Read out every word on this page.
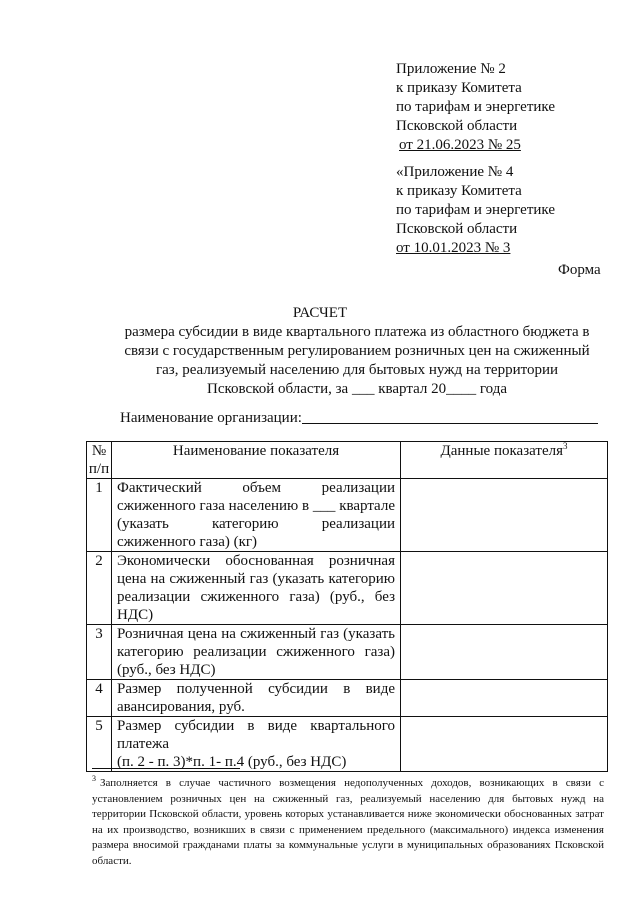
Приложение № 2
к приказу Комитета
по тарифам и энергетике
Псковской области
от 21.06.2023 № 25
«Приложение № 4
к приказу Комитета
по тарифам и энергетике
Псковской области
от 10.01.2023 № 3
Форма
РАСЧЕТ
размера субсидии в виде квартального платежа из областного бюджета в
связи с государственным регулированием розничных цен на сжиженный
газ, реализуемый населению для бытовых нужд на территории
Псковской области, за ___ квартал 20____ года
Наименование организации:
№ п/п	Наименование показателя	Данные показателя$^3$
1	Фактический объем реализации сжиженного газа населению в ___ квартале (указать категорию реализации сжиженного газа) (кг)	
2	Экономически обоснованная розничная цена на сжиженный газ (указать категорию реализации сжиженного газа) (руб., без НДС)	
3	Розничная цена на сжиженный газ (указать категорию реализации сжиженного газа) (руб., без НДС)	
4	Размер полученной субсидии в виде авансирования, руб.	
5	Размер субсидии в виде квартального платежа
(п. 2 - п. 3)*п. 1- п.4 (руб., без НДС)	

$^3$ Заполняется в случае частичного возмещения недополученных доходов, возникающих в связи с установлением розничных цен на сжиженный газ, реализуемый населению для бытовых нужд на территории Псковской области, уровень которых устанавливается ниже экономически обоснованных затрат на их производство, возникших в связи с применением предельного (максимального) индекса изменения размера вносимой гражданами платы за коммунальные услуги в муниципальных образованиях Псковской области.
